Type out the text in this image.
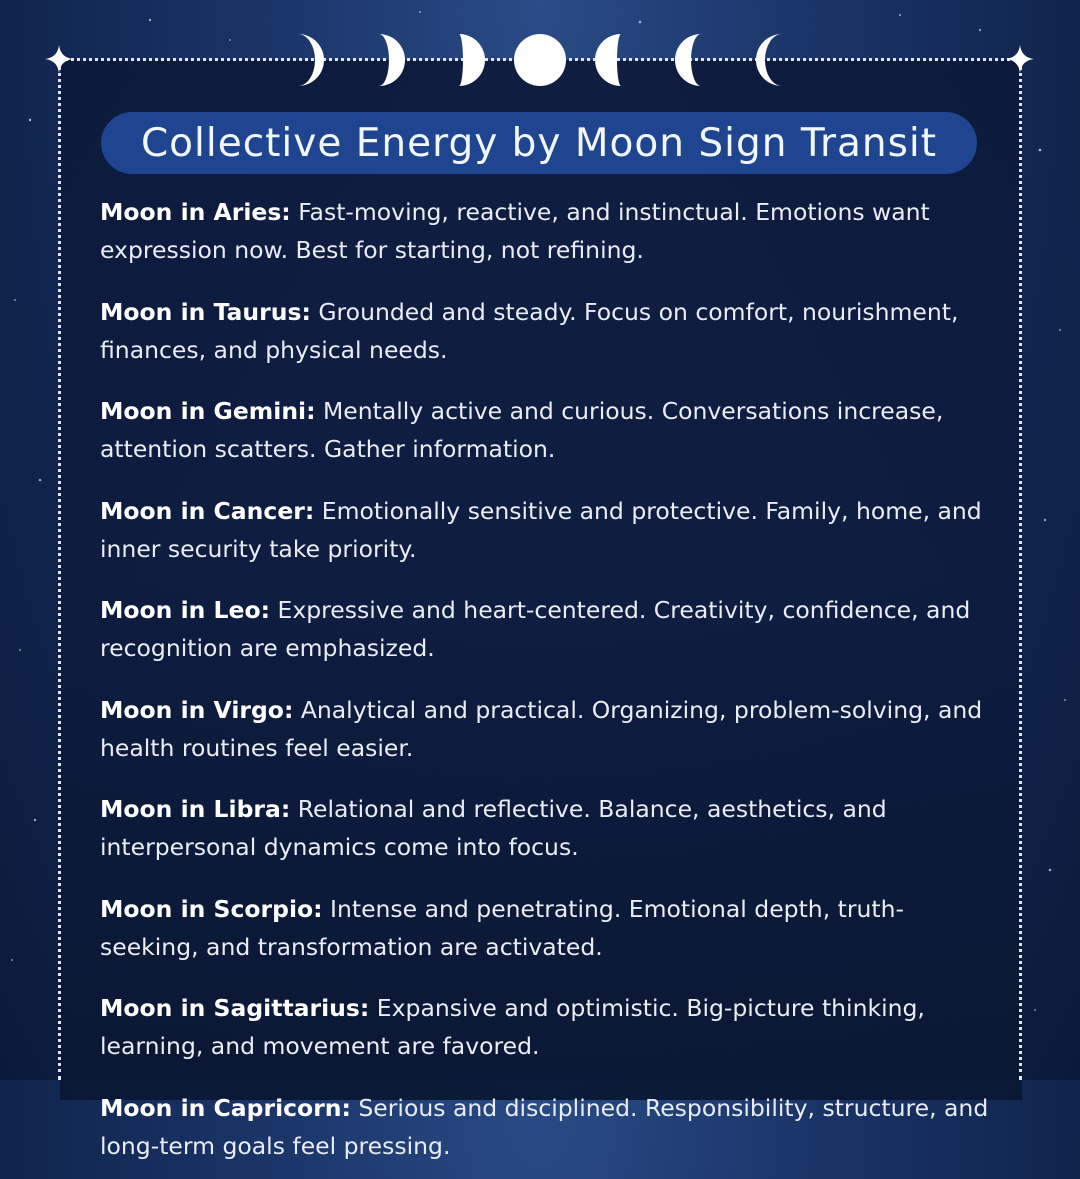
Collective Energy by Moon Sign Transit

Moon in Aries: Fast-moving, reactive, and instinctual. Emotions want expression now. Best for starting, not refining.

Moon in Taurus: Grounded and steady. Focus on comfort, nourishment, finances, and physical needs.

Moon in Gemini: Mentally active and curious. Conversations increase, attention scatters. Gather information.

Moon in Cancer: Emotionally sensitive and protective. Family, home, and inner security take priority.

Moon in Leo: Expressive and heart-centered. Creativity, confidence, and recognition are emphasized.

Moon in Virgo: Analytical and practical. Organizing, problem-solving, and health routines feel easier.

Moon in Libra: Relational and reflective. Balance, aesthetics, and interpersonal dynamics come into focus.

Moon in Scorpio: Intense and penetrating. Emotional depth, truth-seeking, and transformation are activated.

Moon in Sagittarius: Expansive and optimistic. Big-picture thinking, learning, and movement are favored.

Moon in Capricorn: Serious and disciplined. Responsibility, structure, and long-term goals feel pressing.
